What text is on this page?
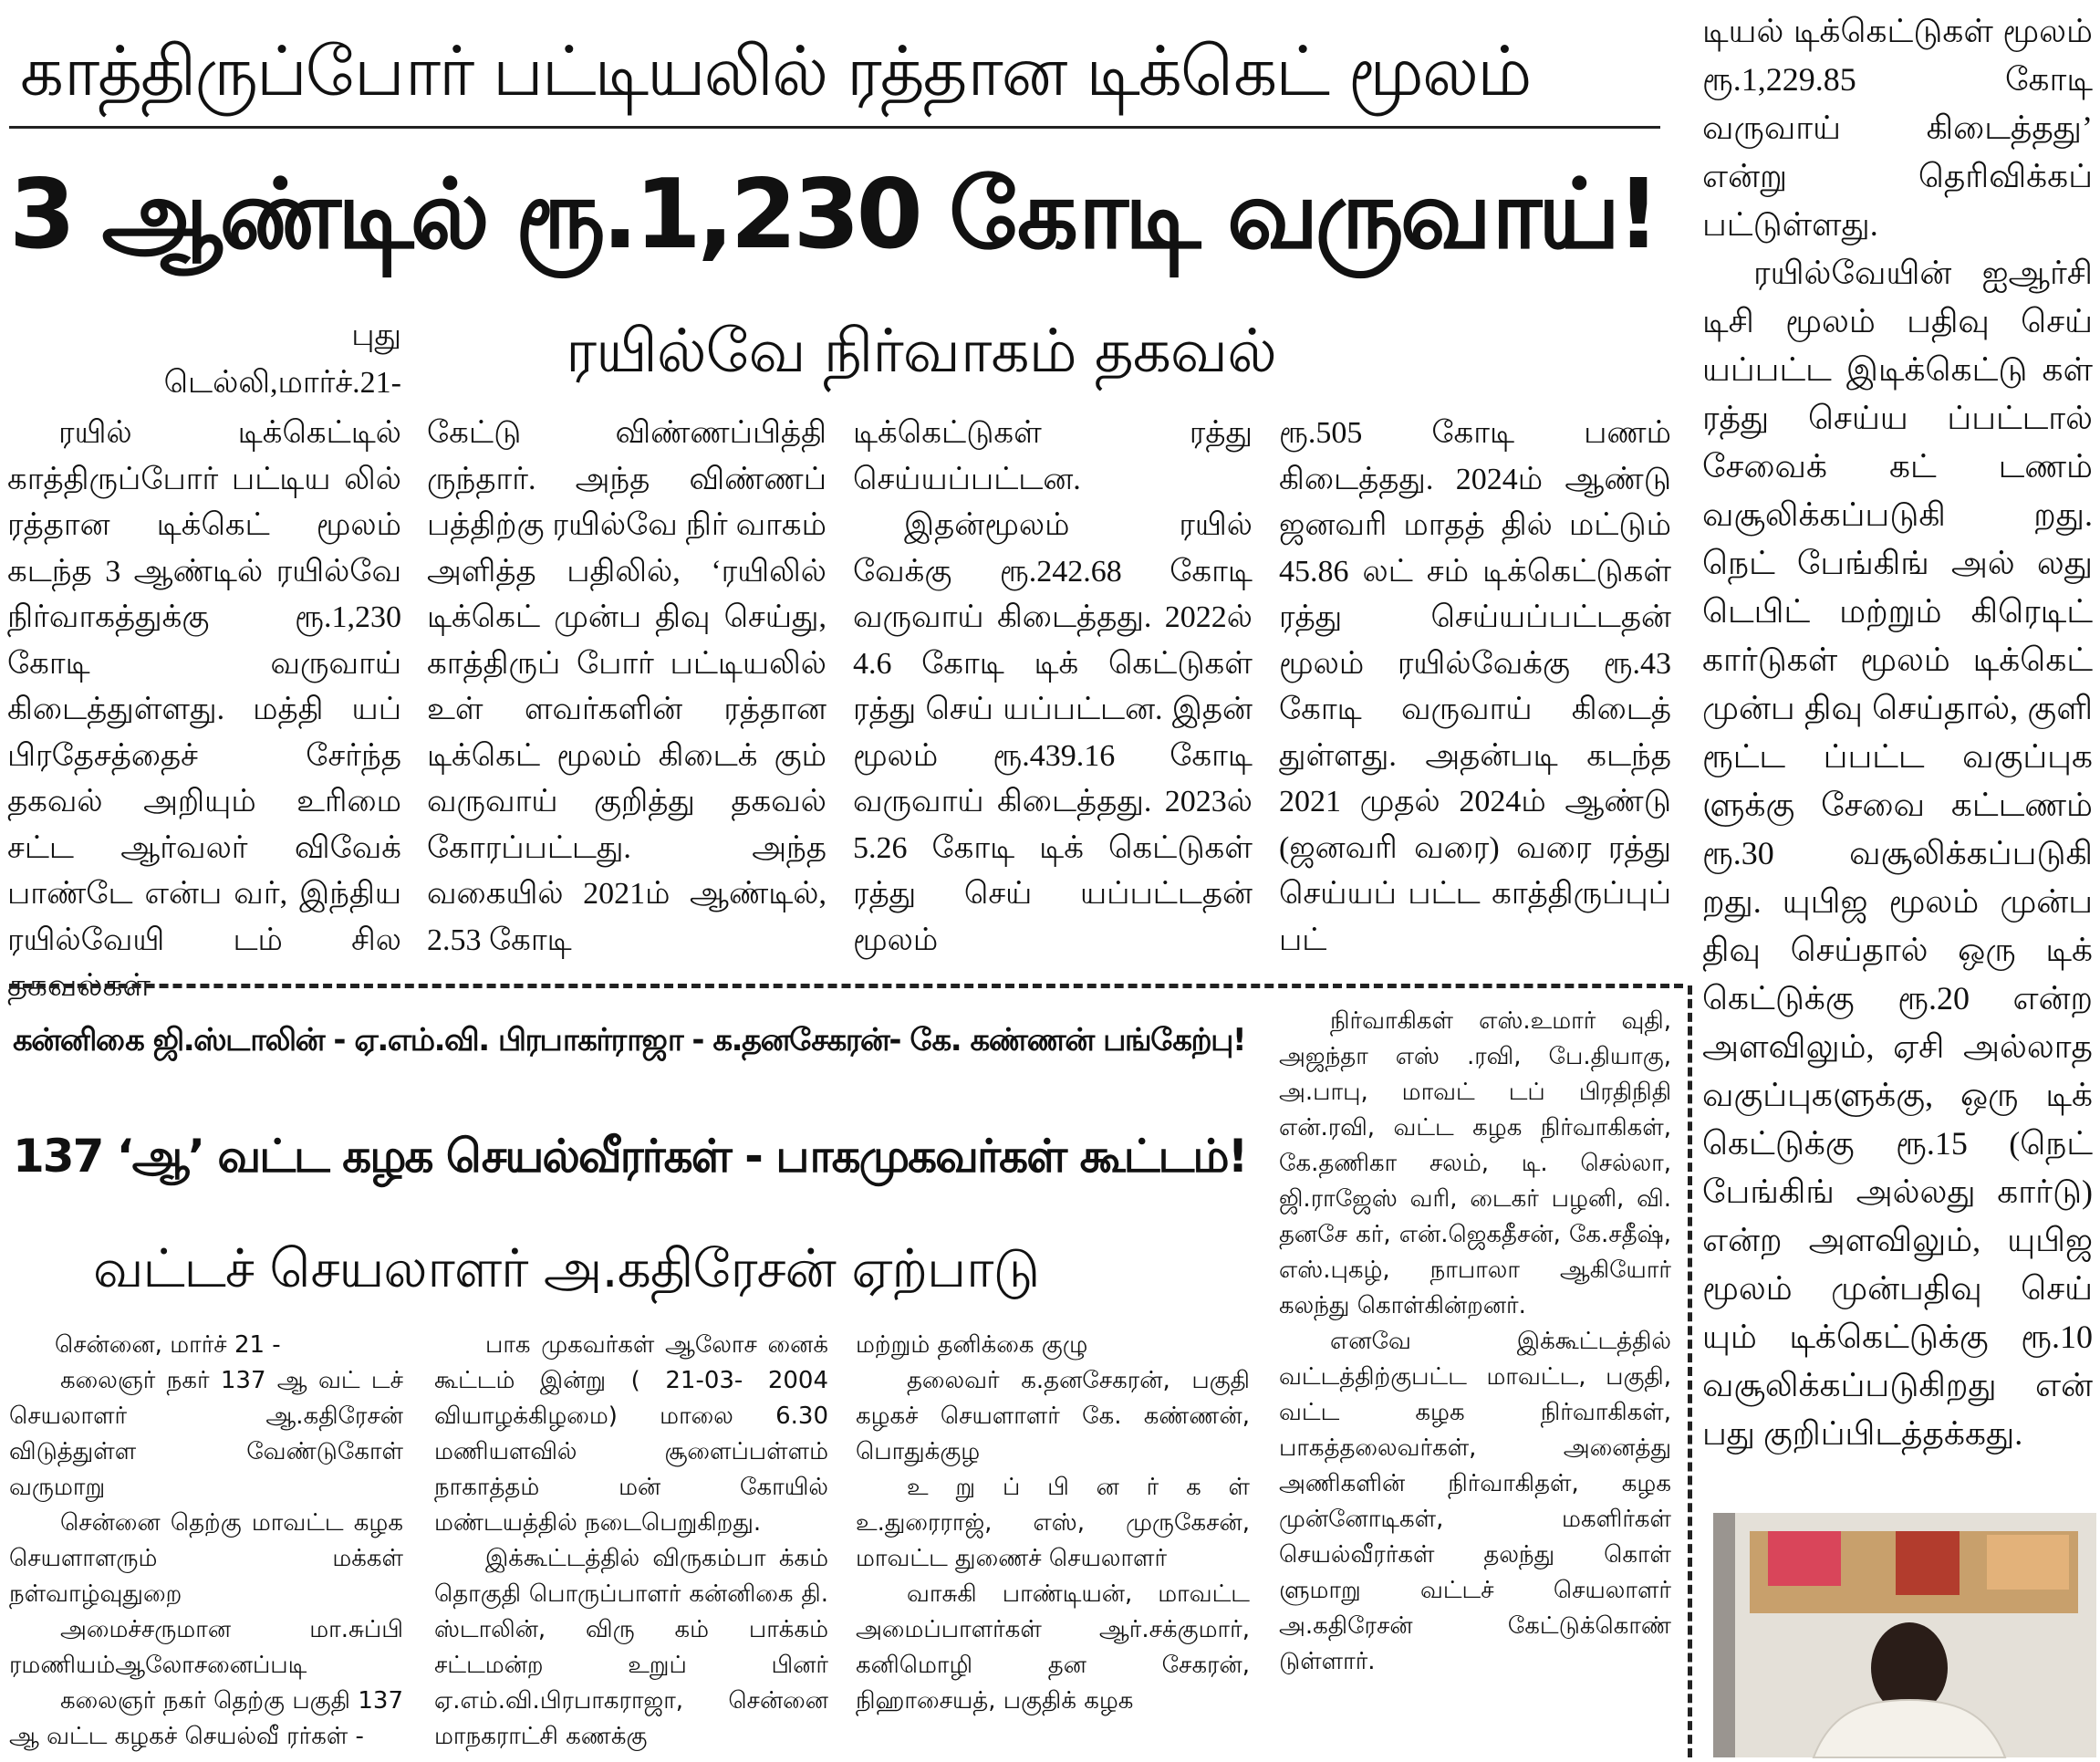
காத்திருப்போர் பட்டியலில் ரத்தான டிக்கெட் மூலம்
3 ஆண்டில் ரூ.1,230 கோடி வருவாய்!
ரயில்வே நிர்வாகம் தகவல்
புது
டெல்லி,மார்ச்.21-

ரயில் டிக்கெட்டில் காத்திருப்போர் பட்டிய லில் ரத்தான டிக்கெட் மூலம் கடந்த 3 ஆண்டில் ரயில்வே நிர்வாகத்துக்கு ரூ.1,230 கோடி வருவாய் கிடைத்துள்ளது. மத்தி யப் பிரதேசத்தைச் சேர்ந்த தகவல் அறியும் உரிமை சட்ட ஆர்வலர் விவேக் பாண்டே என்ப வர், இந்திய ரயில்வேயி டம் சில தகவல்கள்

கேட்டு விண்ணப்பித்தி ருந்தார். அந்த விண்ணப் பத்திற்கு ரயில்வே நிர் வாகம் அளித்த பதிலில், ‘ரயிலில் டிக்கெட் முன்ப திவு செய்து, காத்திருப் போர் பட்டியலில் உள் ளவர்களின் ரத்தான டிக்கெட் மூலம் கிடைக் கும் வருவாய் குறித்து தகவல் கோரப்பட்டது. அந்த வகையில் 2021ம் ஆண்டில், 2.53 கோடி

டிக்கெட்டுகள் ரத்து செய்யப்பட்டன.

இதன்மூலம் ரயில் வேக்கு ரூ.242.68 கோடி வருவாய் கிடைத்தது. 2022ல் 4.6 கோடி டிக் கெட்டுகள் ரத்து செய் யப்பட்டன. இதன் மூலம் ரூ.439.16 கோடி வருவாய் கிடைத்தது. 2023ல் 5.26 கோடி டிக் கெட்டுகள் ரத்து செய் யப்பட்டதன் மூலம்

ரூ.505 கோடி பணம் கிடைத்தது. 2024ம் ஆண்டு ஜனவரி மாதத் தில் மட்டும் 45.86 லட் சம் டிக்கெட்டுகள் ரத்து செய்யப்பட்டதன் மூலம் ரயில்வேக்கு ரூ.43 கோடி வருவாய் கிடைத் துள்ளது. அதன்படி கடந்த 2021 முதல் 2024ம் ஆண்டு (ஜனவரி வரை) வரை ரத்து செய்யப் பட்ட காத்திருப்புப் பட்

டியல் டிக்கெட்டுகள் மூலம் ரூ.1,229.85 கோடி வருவாய் கிடைத்தது’ என்று தெரிவிக்கப் பட்டுள்ளது.

ரயில்வேயின் ஐஆர்சி டிசி மூலம் பதிவு செய் யப்பட்ட இடிக்கெட்டு கள் ரத்து செய்ய ப்பட்டால் சேவைக் கட் டணம் வசூலிக்கப்படுகி றது. நெட் பேங்கிங் அல் லது டெபிட் மற்றும் கிரெடிட் கார்டுகள் மூலம் டிக்கெட் முன்ப திவு செய்தால், குளி ரூட்ட ப்பட்ட வகுப்புக ளுக்கு சேவை கட்டணம் ரூ.30 வசூலிக்கப்படுகி றது. யுபிஜ மூலம் முன்ப திவு செய்தால் ஒரு டிக் கெட்டுக்கு ரூ.20 என்ற அளவிலும், ஏசி அல்லாத வகுப்புகளுக்கு, ஒரு டிக் கெட்டுக்கு ரூ.15 (நெட் பேங்கிங் அல்லது கார்டு) என்ற அளவிலும், யுபிஜ மூலம் முன்பதிவு செய் யும் டிக்கெட்டுக்கு ரூ.10 வசூலிக்கப்படுகிறது என் பது குறிப்பிடத்தக்கது.

கன்னிகை ஜி.ஸ்டாலின் - ஏ.எம்.வி. பிரபாகர்ராஜா - க.தனசேகரன்- கே. கண்ணன் பங்கேற்பு!
137 ‘ஆ’ வட்ட கழக செயல்வீரர்கள் - பாகமுகவர்கள் கூட்டம்!
வட்டச் செயலாளர் அ.கதிரேசன் ஏற்பாடு

சென்னை, மார்ச் 21 -

கலைஞர் நகர் 137 ஆ வட் டச் செயலாளர் ஆ.கதிரேசன் விடுத்துள்ள வேண்டுகோள் வருமாறு

சென்னை தெற்கு மாவட்ட கழக செயளாளரும் மக்கள் நள்வாழ்வுதுறை

அமைச்சருமான மா.சுப்பி ரமணியம்ஆலோசனைப்படி

கலைஞர் நகர் தெற்கு பகுதி 137 ஆ வட்ட கழகச் செயல்வீ ரர்கள் -

பாக முகவர்கள் ஆலோச னைக் கூட்டம் இன்று ( 21-03- 2004 வியாழக்கிழமை) மாலை 6.30 மணியளவில் சூளைப்பள்ளம் நாகாத்தம் மன் கோயில் மண்டயத்தில் நடைபெறுகிறது.

இக்கூட்டத்தில் விருகம்பா க்கம் தொகுதி பொருப்பாளர் கன்னிகை தி. ஸ்டாலின், விரு கம் பாக்கம் சட்டமன்ற உறுப் பினர் ஏ.எம்.வி.பிரபாகராஜா, சென்னை மாநகராட்சி கணக்கு

மற்றும் தனிக்கை குழு

தலைவர் க.தனசேகரன், பகுதி கழகச் செயளாளர் கே. கண்ணன், பொதுக்குழ

உ று ப் பி ன ர் க ள் உ.துரைராஜ், எஸ், முருகேசன், மாவட்ட துணைச் செயலாளர்

வாசுகி பாண்டியன், மாவட்ட அமைப்பாளர்கள் ஆர்.சக்குமார், கனிமொழி தன சேகரன், நிஹாசையத், பகுதிக் கழக

நிர்வாகிகள் எஸ்.உமார் வுதி, அஜந்தா எஸ் .ரவி, பே.தியாகு, அ.பாபு, மாவட் டப் பிரதிநிதி என்.ரவி, வட்ட கழக நிர்வாகிகள், கே.தணிகா சலம், டி. செல்லா, ஜி.ராஜேஸ் வரி, டைகர் பழனி, வி. தனசே கர், என்.ஜெகதீசன், கே.சதீஷ், எஸ்.புகழ், நாபாலா ஆகியோர் கலந்து கொள்கின்றனர்.

எனவே இக்கூட்டத்தில் வட்டத்திற்குபட்ட மாவட்ட, பகுதி, வட்ட கழக நிர்வாகிகள், பாகத்தலைவர்கள், அனைத்து அணிகளின் நிர்வாகிதள், கழக முன்னோடிகள், மகளிர்கள் செயல்வீரர்கள் தலந்து கொள் ளுமாறு வட்டச் செயலாளர் அ.கதிரேசன் கேட்டுக்கொண் டுள்ளார்.
